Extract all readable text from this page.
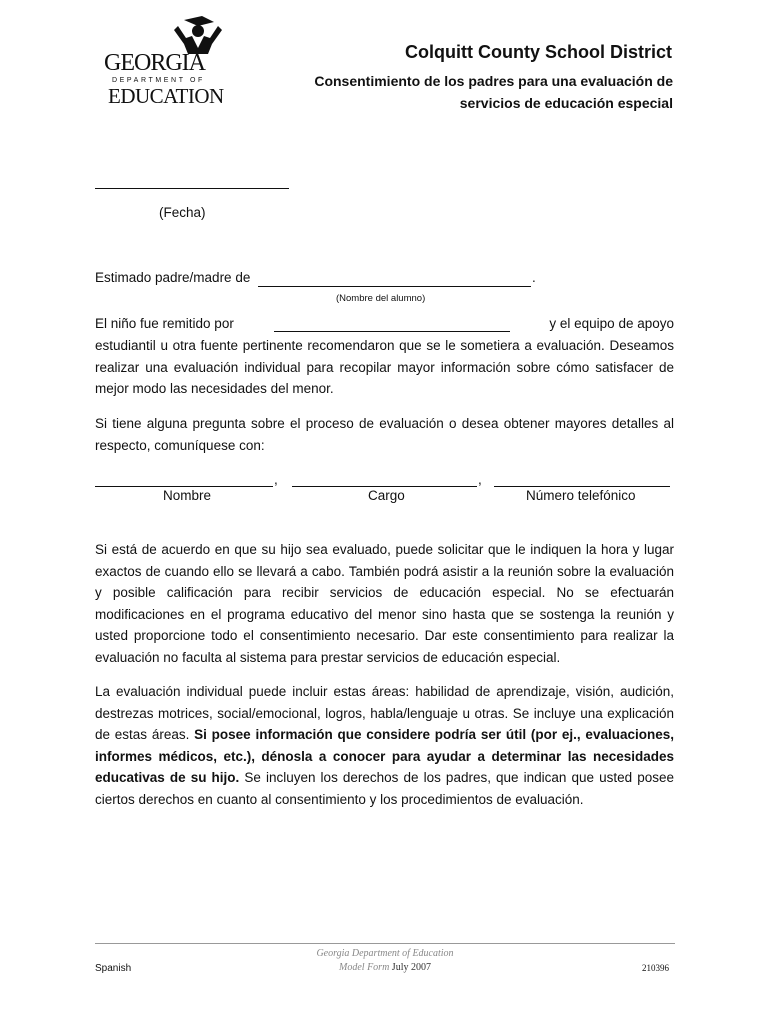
GEORGIA
DEPARTMENT OF
EDUCATION
Colquitt County School District
Consentimiento de los padres para una evaluación de
servicios de educación especial
(Fecha)
Estimado padre/madre de	.
(Nombre del alumno)
El niño fue remitido por	y el equipo de apoyo
estudiantil u otra fuente pertinente recomendaron que se le sometiera a evaluación. Deseamos realizar una evaluación individual para recopilar mayor información sobre cómo satisfacer de mejor modo las necesidades del menor.
Si tiene alguna pregunta sobre el proceso de evaluación o desea obtener mayores detalles al respecto, comuníquese con:
,	,
Nombre	Cargo	Número telefónico
Si está de acuerdo en que su hijo sea evaluado, puede solicitar que le indiquen la hora y lugar exactos de cuando ello se llevará a cabo. También podrá asistir a la reunión sobre la evaluación y posible calificación para recibir servicios de educación especial. No se efectuarán modificaciones en el programa educativo del menor sino hasta que se sostenga la reunión y usted proporcione todo el consentimiento necesario. Dar este consentimiento para realizar la evaluación no faculta al sistema para prestar servicios de educación especial.
La evaluación individual puede incluir estas áreas: habilidad de aprendizaje, visión, audición, destrezas motrices, social/emocional, logros, habla/lenguaje u otras. Se incluye una explicación de estas áreas. Si posee información que considere podría ser útil (por ej., evaluaciones, informes médicos, etc.), dénosla a conocer para ayudar a determinar las necesidades educativas de su hijo. Se incluyen los derechos de los padres, que indican que usted posee ciertos derechos en cuanto al consentimiento y los procedimientos de evaluación.
Georgia Department of Education
Model Form July 2007
Spanish	210396
